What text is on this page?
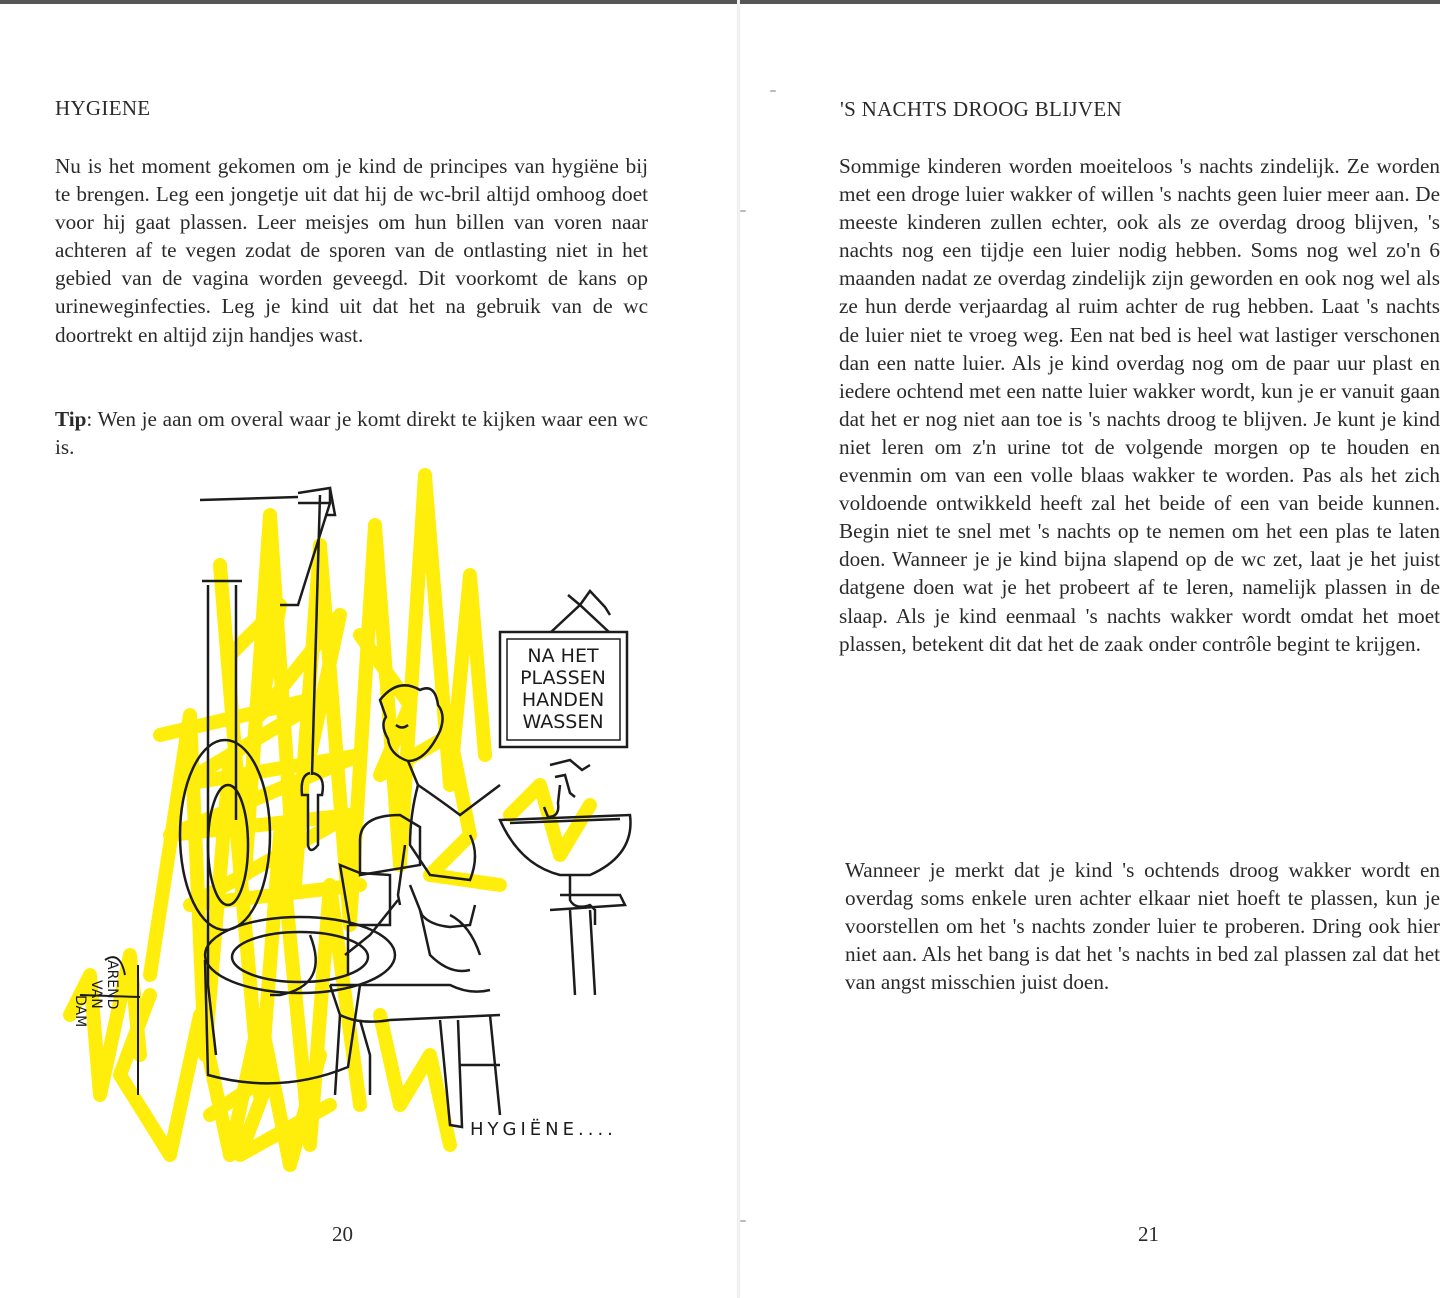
HYGIENE

Nu is het moment gekomen om je kind de principes van hygiëne bij te brengen. Leg een jongetje uit dat hij de wc-bril altijd omhoog doet voor hij gaat plassen. Leer meisjes om hun billen van voren naar achteren af te vegen zodat de sporen van de ontlasting niet in het gebied van de vagina worden geveegd. Dit voorkomt de kans op urineweginfecties. Leg je kind uit dat het na gebruik van de wc doortrekt en altijd zijn handjes wast.

Tip: Wen je aan om overal waar je komt direkt te kijken waar een wc is.

NA HET
PLASSEN
HANDEN
WASSEN
AREND
VAN
DAM
HYGIËNE....
20
'S NACHTS DROOG BLIJVEN

Sommige kinderen worden moeiteloos 's nachts zindelijk. Ze worden met een droge luier wakker of willen 's nachts geen luier meer aan. De meeste kinderen zullen echter, ook als ze overdag droog blijven, 's nachts nog een tijdje een luier nodig hebben. Soms nog wel zo'n 6 maanden nadat ze overdag zindelijk zijn geworden en ook nog wel als ze hun derde verjaardag al ruim achter de rug hebben. Laat 's nachts de luier niet te vroeg weg. Een nat bed is heel wat lastiger verschonen dan een natte luier. Als je kind overdag nog om de paar uur plast en iedere ochtend met een natte luier wakker wordt, kun je er vanuit gaan dat het er nog niet aan toe is 's nachts droog te blijven. Je kunt je kind niet leren om z'n urine tot de volgende morgen op te houden en evenmin om van een volle blaas wakker te worden. Pas als het zich voldoende ontwikkeld heeft zal het beide of een van beide kunnen. Begin niet te snel met 's nachts op te nemen om het een plas te laten doen. Wanneer je je kind bijna slapend op de wc zet, laat je het juist datgene doen wat je het probeert af te leren, namelijk plassen in de slaap. Als je kind eenmaal 's nachts wakker wordt omdat het moet plassen, betekent dit dat het de zaak onder contrôle begint te krijgen.

Wanneer je merkt dat je kind 's ochtends droog wakker wordt en overdag soms enkele uren achter elkaar niet hoeft te plassen, kun je voorstellen om het 's nachts zonder luier te proberen. Dring ook hier niet aan. Als het bang is dat het 's nachts in bed zal plassen zal dat het van angst misschien juist doen.

21
